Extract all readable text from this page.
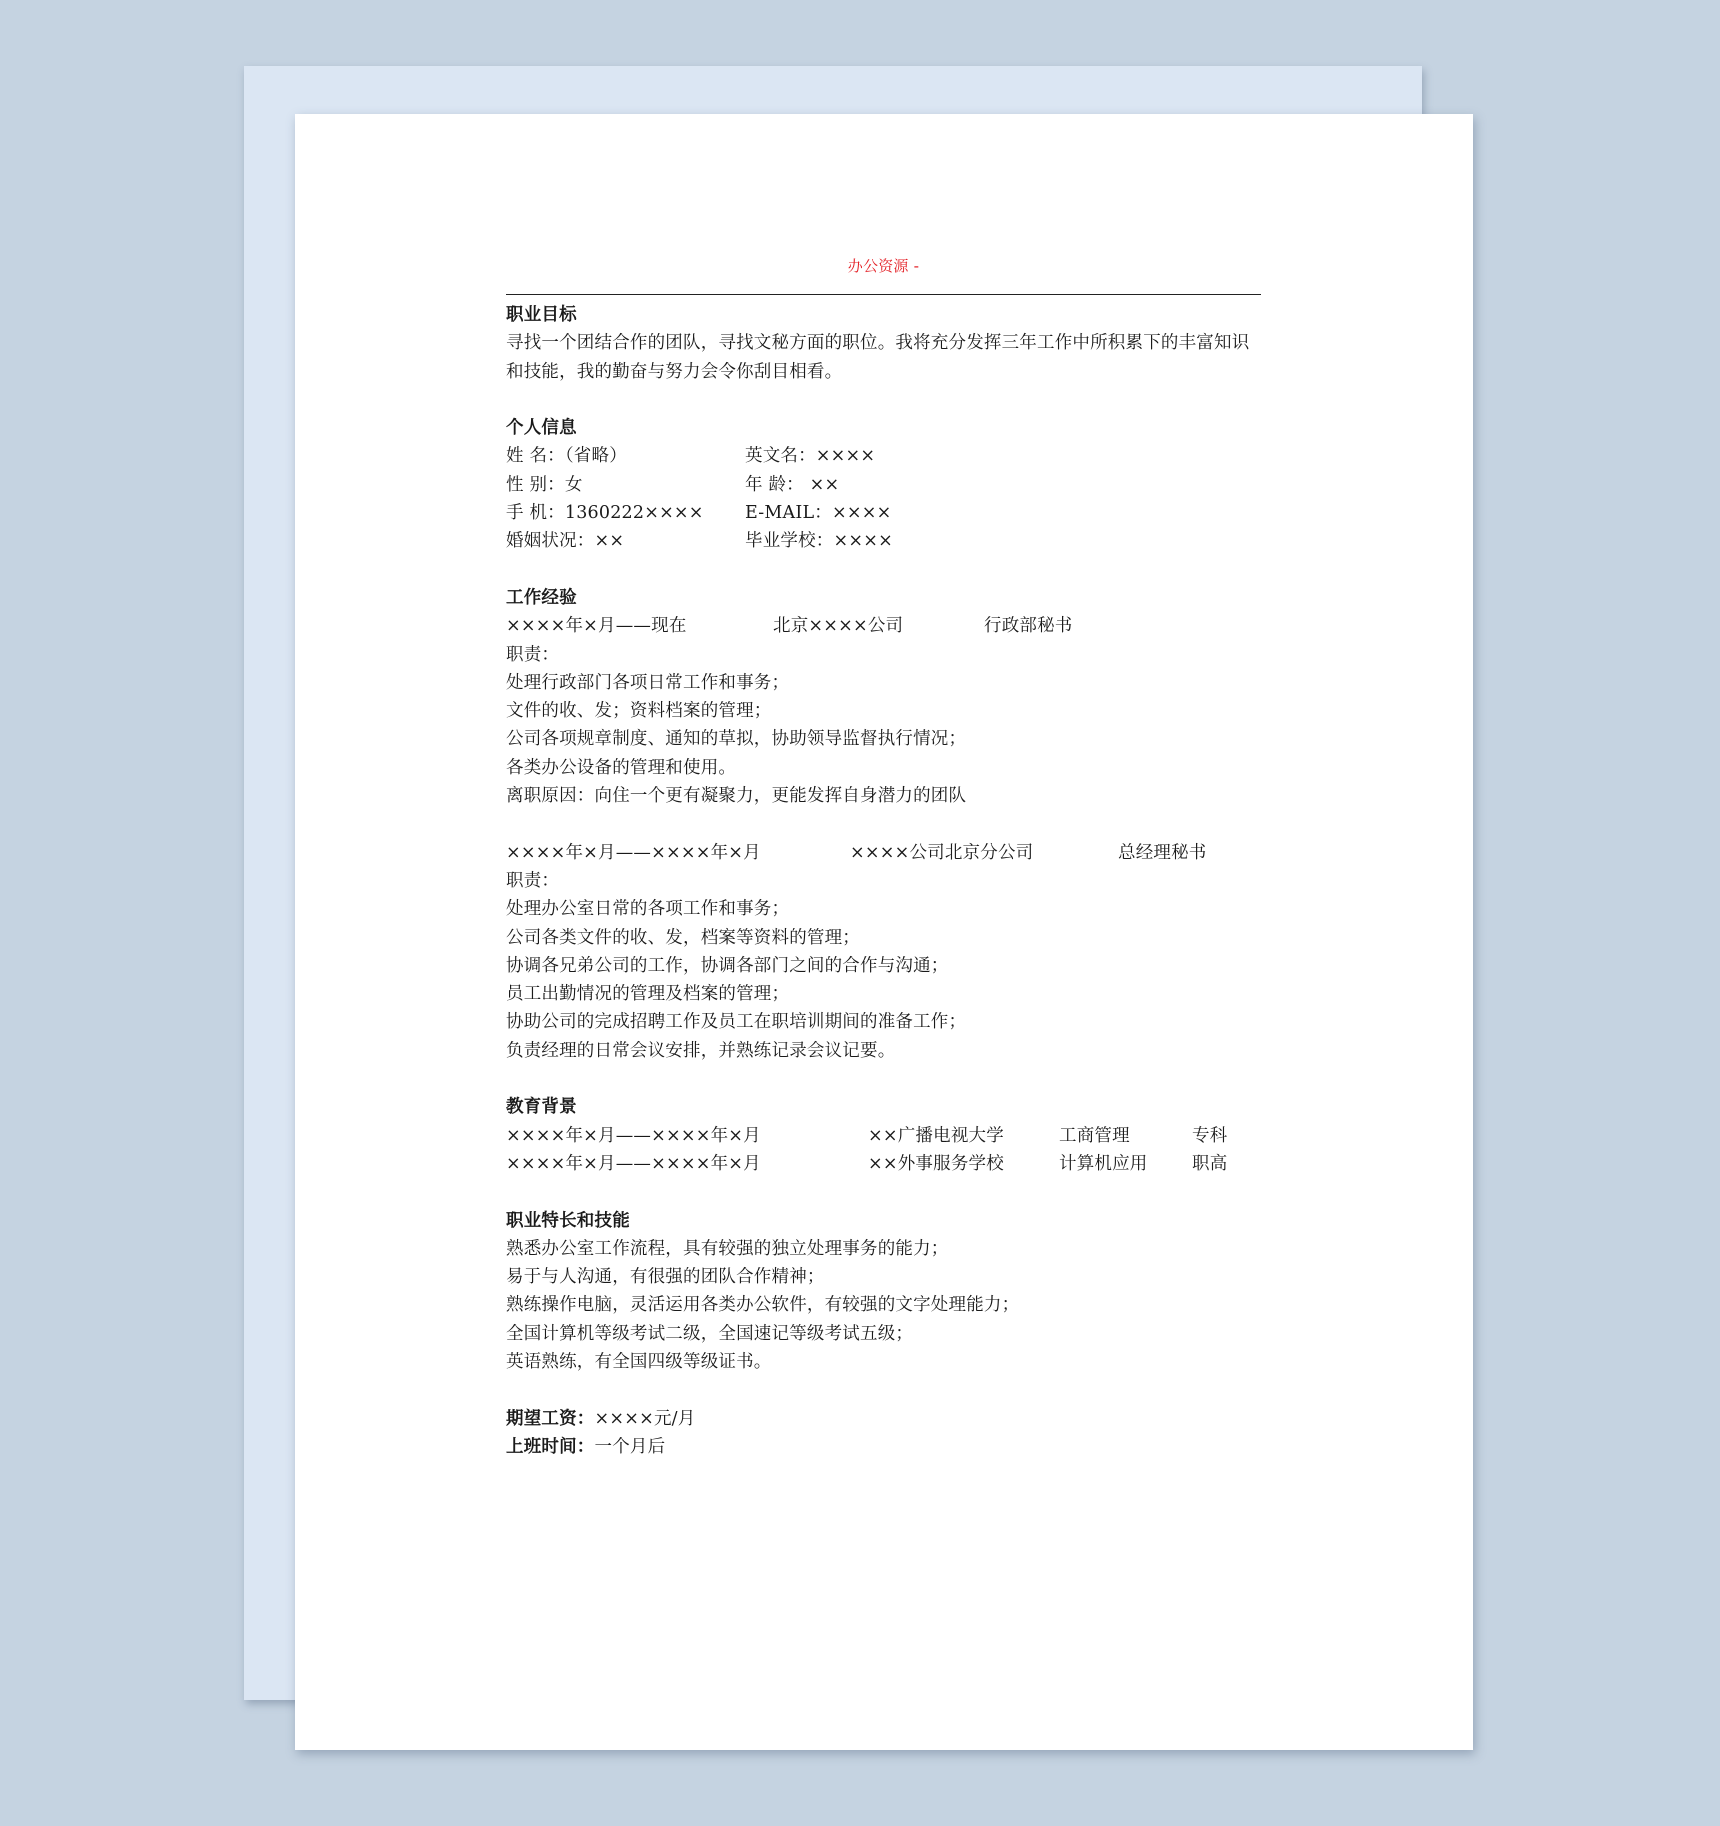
办公资源 -
职业目标
寻找一个团结合作的团队，寻找文秘方面的职位。我将充分发挥三年工作中所积累下的丰富知识和技能，我的勤奋与努力会令你刮目相看。
个人信息
姓 名：（省略）	英文名：××××
性 别：女	年 龄： ××
手 机：1360222×××× E-MAIL：××××
婚姻状况：××	毕业学校：××××
工作经验
××××年×月——现在	北京××××公司	行政部秘书
职责：
处理行政部门各项日常工作和事务；
文件的收、发；资料档案的管理；
公司各项规章制度、通知的草拟，协助领导监督执行情况；
各类办公设备的管理和使用。
离职原因：向住一个更有凝聚力，更能发挥自身潜力的团队
××××年×月——××××年×月	××××公司北京分公司	总经理秘书
职责：
处理办公室日常的各项工作和事务；
公司各类文件的收、发，档案等资料的管理；
协调各兄弟公司的工作，协调各部门之间的合作与沟通；
员工出勤情况的管理及档案的管理；
协助公司的完成招聘工作及员工在职培训期间的准备工作；
负责经理的日常会议安排，并熟练记录会议记要。
教育背景
××××年×月——××××年×月	××广播电视大学	工商管理	专科
××××年×月——××××年×月	××外事服务学校	计算机应用	职高
职业特长和技能
熟悉办公室工作流程，具有较强的独立处理事务的能力；
易于与人沟通，有很强的团队合作精神；
熟练操作电脑，灵活运用各类办公软件，有较强的文字处理能力；
全国计算机等级考试二级，全国速记等级考试五级；
英语熟练，有全国四级等级证书。
期望工资：××××元/月
上班时间：一个月后
